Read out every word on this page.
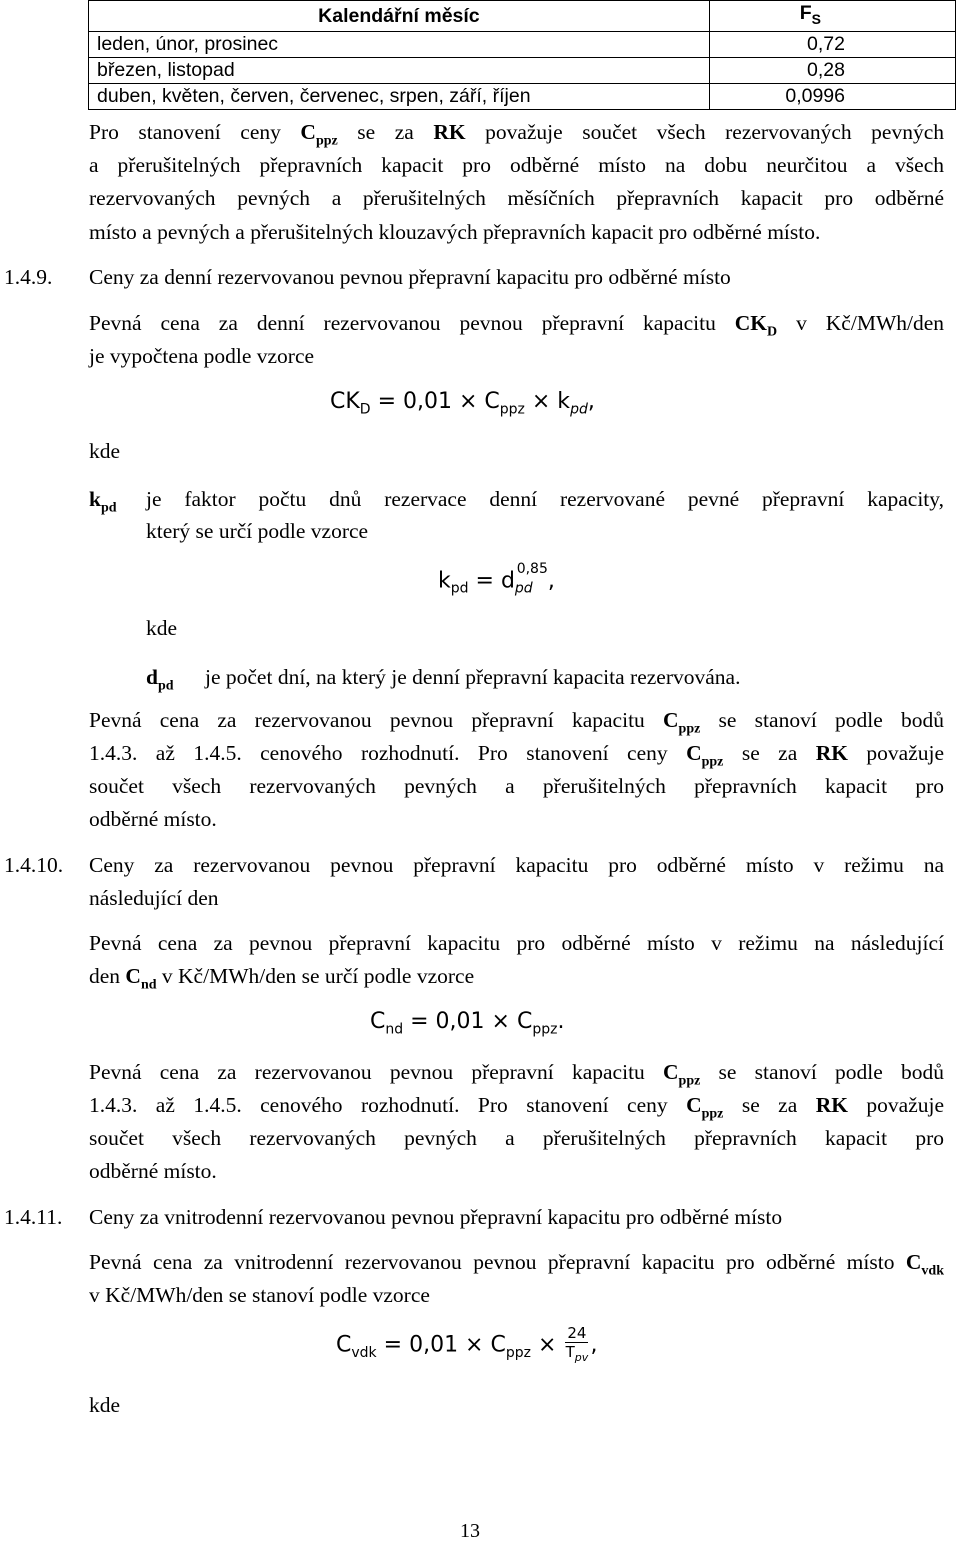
Kalendářní měsíc	$F_S$
leden, únor, prosinec	0,72
březen, listopad	0,28
duben, květen, červen, červenec, srpen, září, říjen	0,0996
Pro stanovení ceny $C_{ppz}$ se za RK považuje součet všech rezervovaných pevných
a přerušitelných přepravních kapacit pro odběrné místo na dobu neurčitou a všech
rezervovaných pevných a přerušitelných měsíčních přepravních kapacit pro odběrné
místo a pevných a přerušitelných klouzavých přepravních kapacit pro odběrné místo.
1.4.9. Ceny za denní rezervovanou pevnou přepravní kapacitu pro odběrné místo
Pevná cena za denní rezervovanou pevnou přepravní kapacitu $CK_D$ v Kč/MWh/den
je vypočtena podle vzorce
$CK_D = 0,01 \times C_{ppz} \times k_{pd}$,
kde
$k_{pd}$ je faktor počtu dnů rezervace denní rezervované pevné přepravní kapacity,
který se určí podle vzorce
$k_{pd} = d_{pd}^{0,85}$,
kde
$d_{pd}$ je počet dní, na který je denní přepravní kapacita rezervována.
Pevná cena za rezervovanou pevnou přepravní kapacitu $C_{ppz}$ se stanoví podle bodů
1.4.3. až 1.4.5. cenového rozhodnutí. Pro stanovení ceny $C_{ppz}$ se za RK považuje
součet všech rezervovaných pevných a přerušitelných přepravních kapacit pro
odběrné místo.
1.4.10. Ceny za rezervovanou pevnou přepravní kapacitu pro odběrné místo v režimu na
následující den
Pevná cena za pevnou přepravní kapacitu pro odběrné místo v režimu na následující
den $C_{nd}$ v Kč/MWh/den se určí podle vzorce
$C_{nd} = 0,01 \times C_{ppz}$.
Pevná cena za rezervovanou pevnou přepravní kapacitu $C_{ppz}$ se stanoví podle bodů
1.4.3. až 1.4.5. cenového rozhodnutí. Pro stanovení ceny $C_{ppz}$ se za RK považuje
součet všech rezervovaných pevných a přerušitelných přepravních kapacit pro
odběrné místo.
1.4.11. Ceny za vnitrodenní rezervovanou pevnou přepravní kapacitu pro odběrné místo
Pevná cena za vnitrodenní rezervovanou pevnou přepravní kapacitu pro odběrné místo $C_{vdk}$
v Kč/MWh/den se stanoví podle vzorce
$C_{vdk} = 0,01 \times C_{ppz} \times \frac{24}{T_{pv}}$ ,
kde
13
